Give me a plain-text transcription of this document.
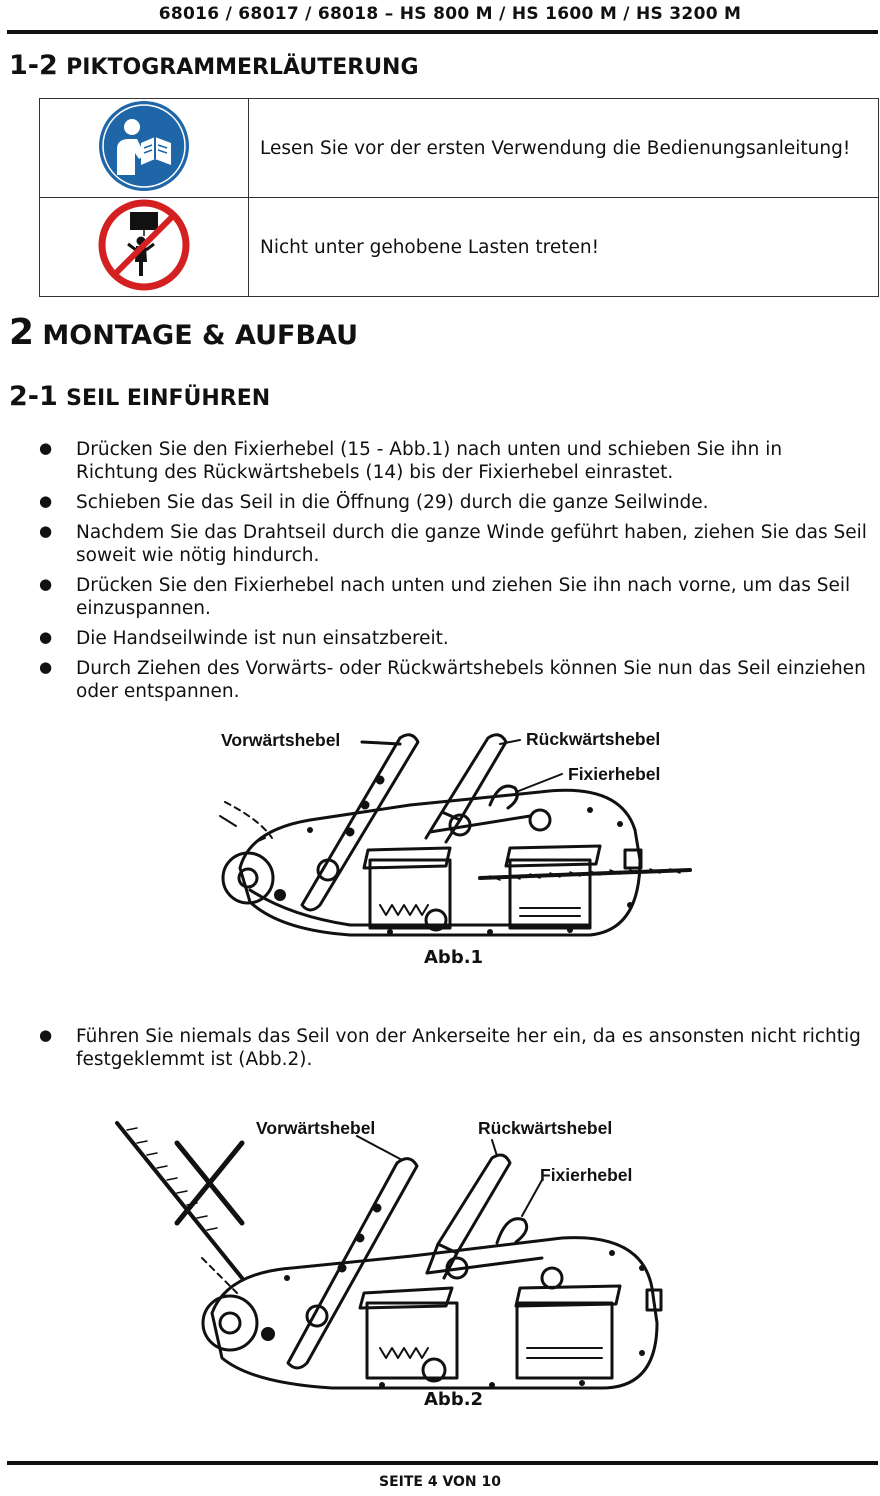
68016 / 68017 / 68018 – HS 800 M / HS 1600 M / HS 3200 M
1-2 PIKTOGRAMMERLÄUTERUNG
	Lesen Sie vor der ersten Verwendung die Bedienungsanleitung!
	Nicht unter gehobene Lasten treten!
2 MONTAGE & AUFBAU
2-1 SEIL EINFÜHREN
● Drücken Sie den Fixierhebel (15 - Abb.1) nach unten und schieben Sie ihn in Richtung des Rückwärtshebels (14) bis der Fixierhebel einrastet.
● Schieben Sie das Seil in die Öffnung (29) durch die ganze Seilwinde.
● Nachdem Sie das Drahtseil durch die ganze Winde geführt haben, ziehen Sie das Seil soweit wie nötig hindurch.
● Drücken Sie den Fixierhebel nach unten und ziehen Sie ihn nach vorne, um das Seil einzuspannen.
● Die Handseilwinde ist nun einsatzbereit.
● Durch Ziehen des Vorwärts- oder Rückwärtshebels können Sie nun das Seil einziehen oder entspannen.
Vorwärtshebel	Rückwärtshebel
Fixierhebel
Abb.1
● Führen Sie niemals das Seil von der Ankerseite her ein, da es ansonsten nicht richtig festgeklemmt ist (Abb.2).
Vorwärtshebel	Rückwärtshebel
Fixierhebel
Abb.2
SEITE 4 VON 10
